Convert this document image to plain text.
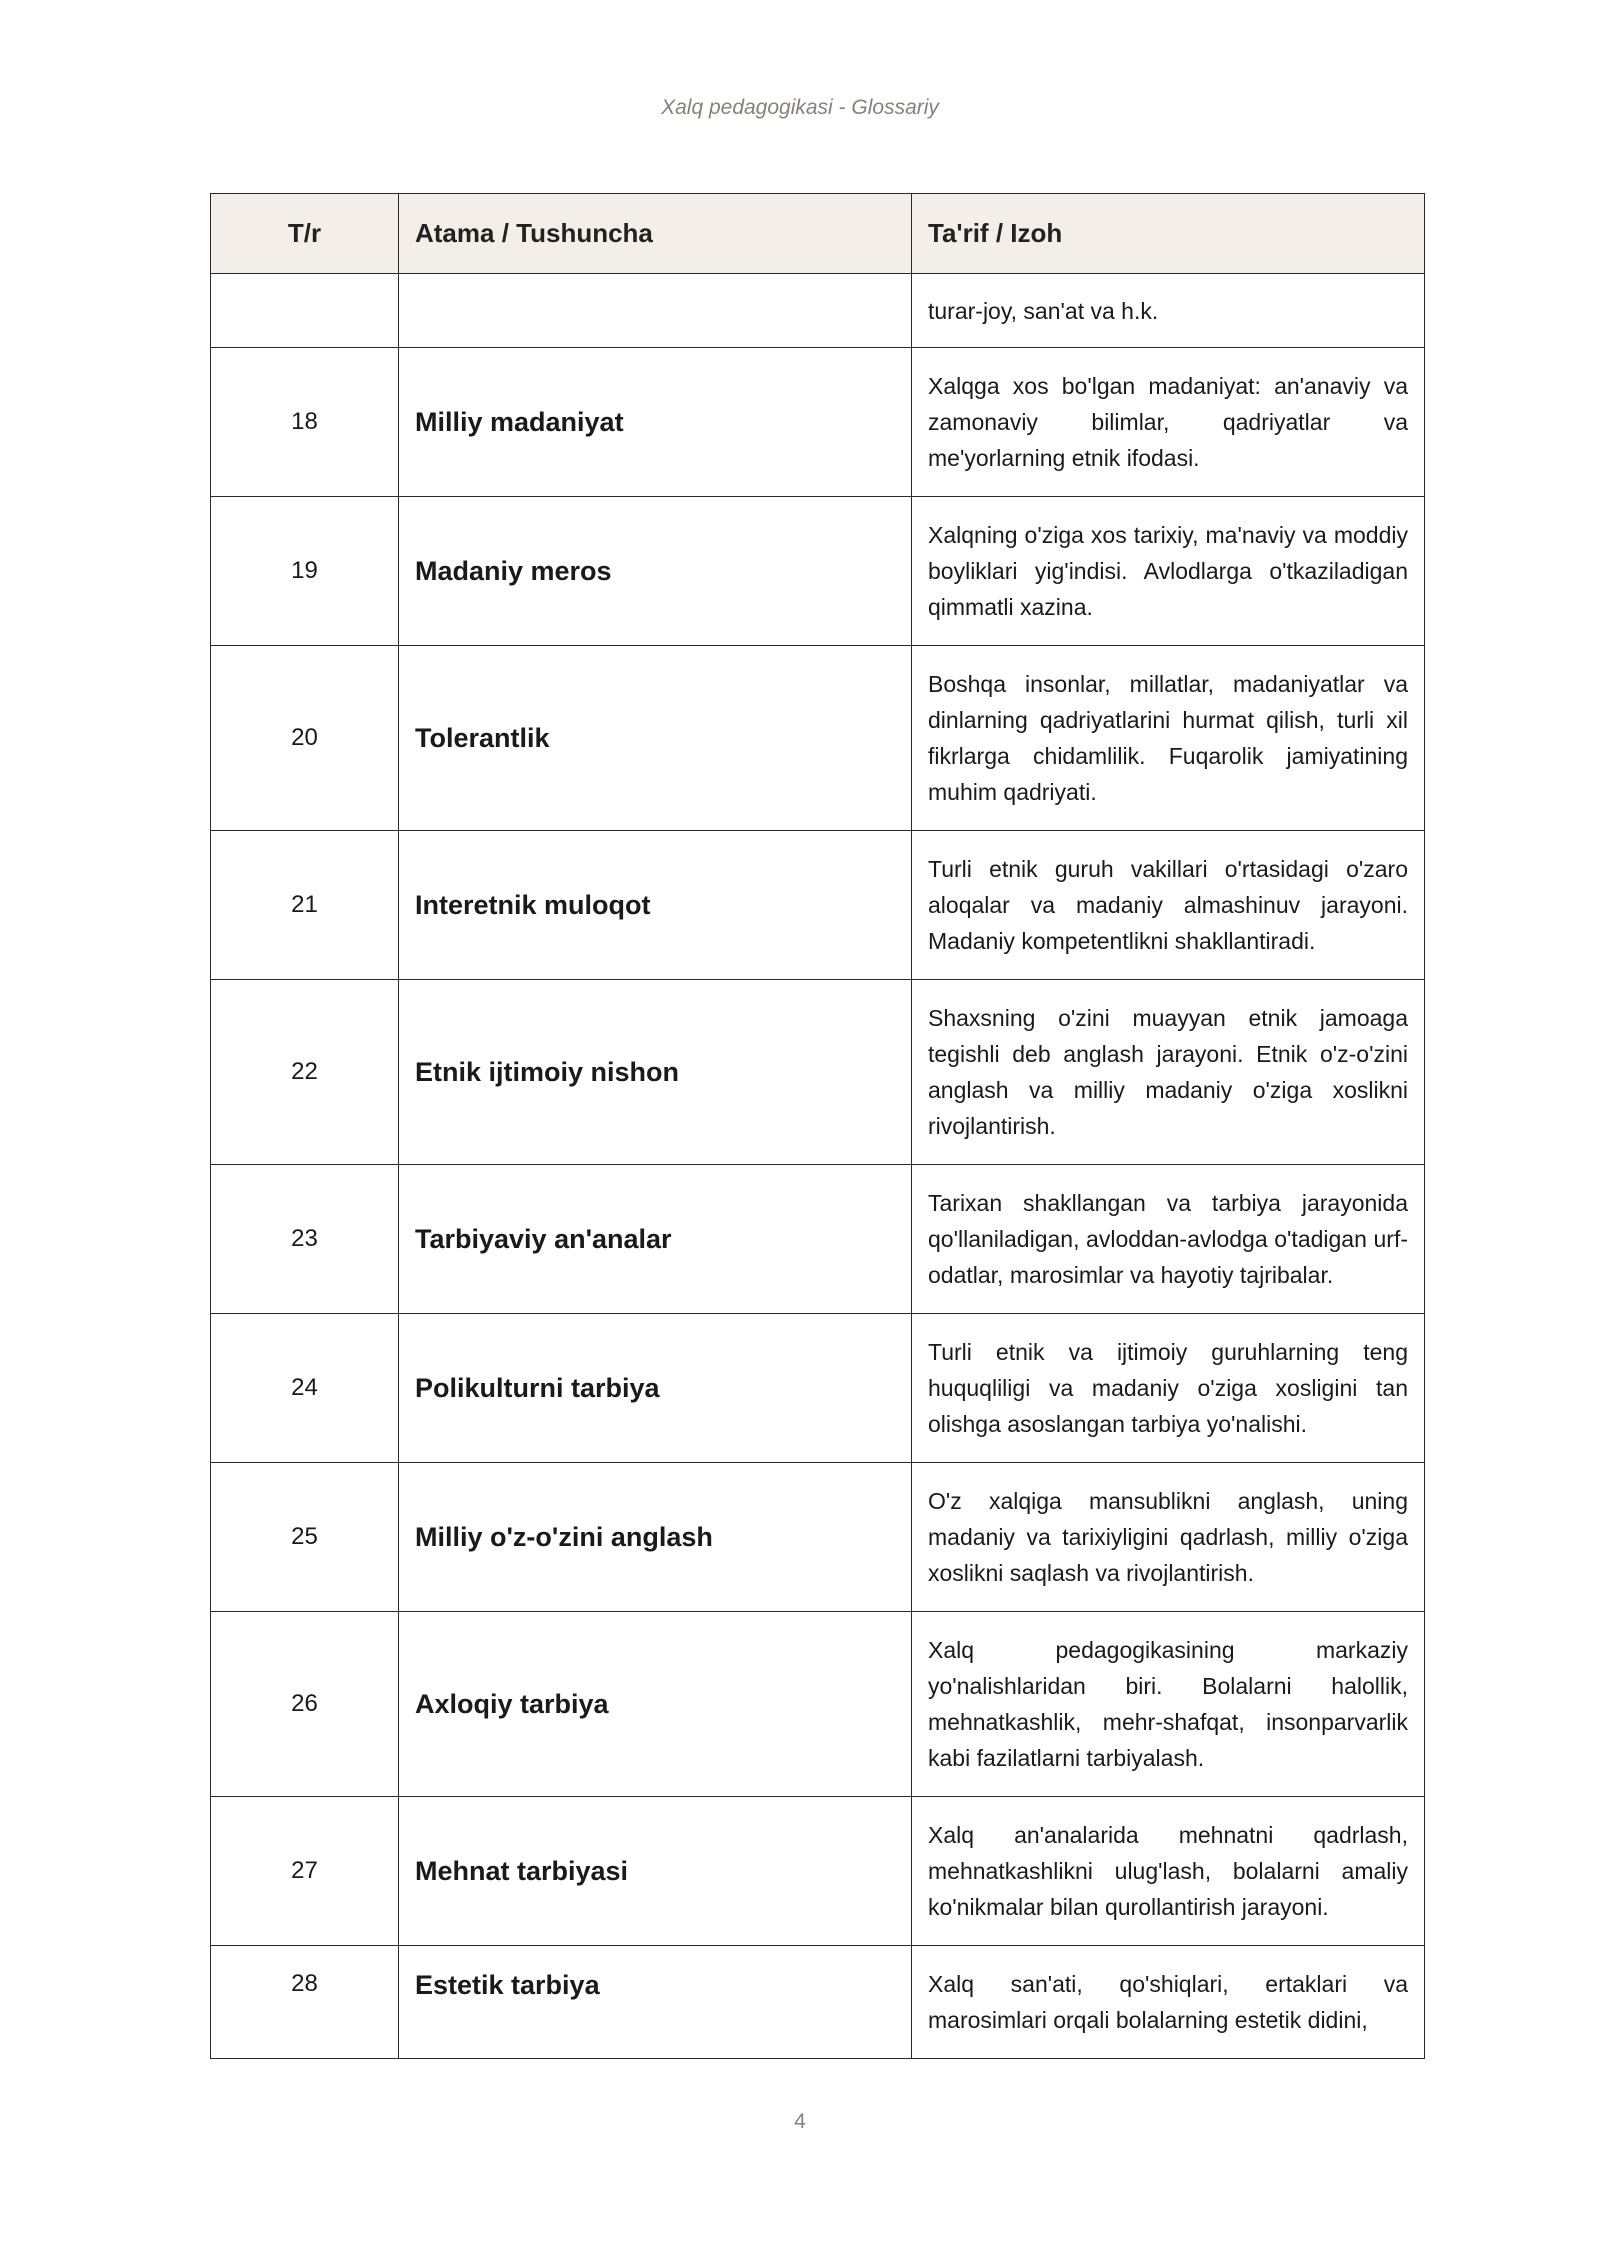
Xalq pedagogikasi - Glossariy
T/r	Atama / Tushuncha	Ta'rif / Izoh
		turar-joy, san'at va h.k.
18	Milliy madaniyat	Xalqga xos bo'lgan madaniyat: an'anaviy va zamonaviy bilimlar, qadriyatlar va me'yorlarning etnik ifodasi.
19	Madaniy meros	Xalqning o'ziga xos tarixiy, ma'naviy va moddiy boyliklari yig'indisi. Avlodlarga o'tkaziladigan qimmatli xazina.
20	Tolerantlik	Boshqa insonlar, millatlar, madaniyatlar va dinlarning qadriyatlarini hurmat qilish, turli xil fikrlarga chidamlilik. Fuqarolik jamiyatining muhim qadriyati.
21	Interetnik muloqot	Turli etnik guruh vakillari o'rtasidagi o'zaro aloqalar va madaniy almashinuv jarayoni. Madaniy kompetentlikni shakllantiradi.
22	Etnik ijtimoiy nishon	Shaxsning o'zini muayyan etnik jamoaga tegishli deb anglash jarayoni. Etnik o'z-o'zini anglash va milliy madaniy o'ziga xoslikni rivojlantirish.
23	Tarbiyaviy an'analar	Tarixan shakllangan va tarbiya jarayonida qo'llaniladigan, avloddan-avlodga o'tadigan urf-odatlar, marosimlar va hayotiy tajribalar.
24	Polikulturni tarbiya	Turli etnik va ijtimoiy guruhlarning teng huquqliligi va madaniy o'ziga xosligini tan olishga asoslangan tarbiya yo'nalishi.
25	Milliy o'z-o'zini anglash	O'z xalqiga mansublikni anglash, uning madaniy va tarixiyligini qadrlash, milliy o'ziga xoslikni saqlash va rivojlantirish.
26	Axloqiy tarbiya	Xalq pedagogikasining markaziy yo'nalishlaridan biri. Bolalarni halollik, mehnatkashlik, mehr-shafqat, insonparvarlik kabi fazilatlarni tarbiyalash.
27	Mehnat tarbiyasi	Xalq an'analarida mehnatni qadrlash, mehnatkashlikni ulug'lash, bolalarni amaliy ko'nikmalar bilan qurollantirish jarayoni.
28	Estetik tarbiya	Xalq san'ati, qo'shiqlari, ertaklari va marosimlari orqali bolalarning estetik didini,
4
